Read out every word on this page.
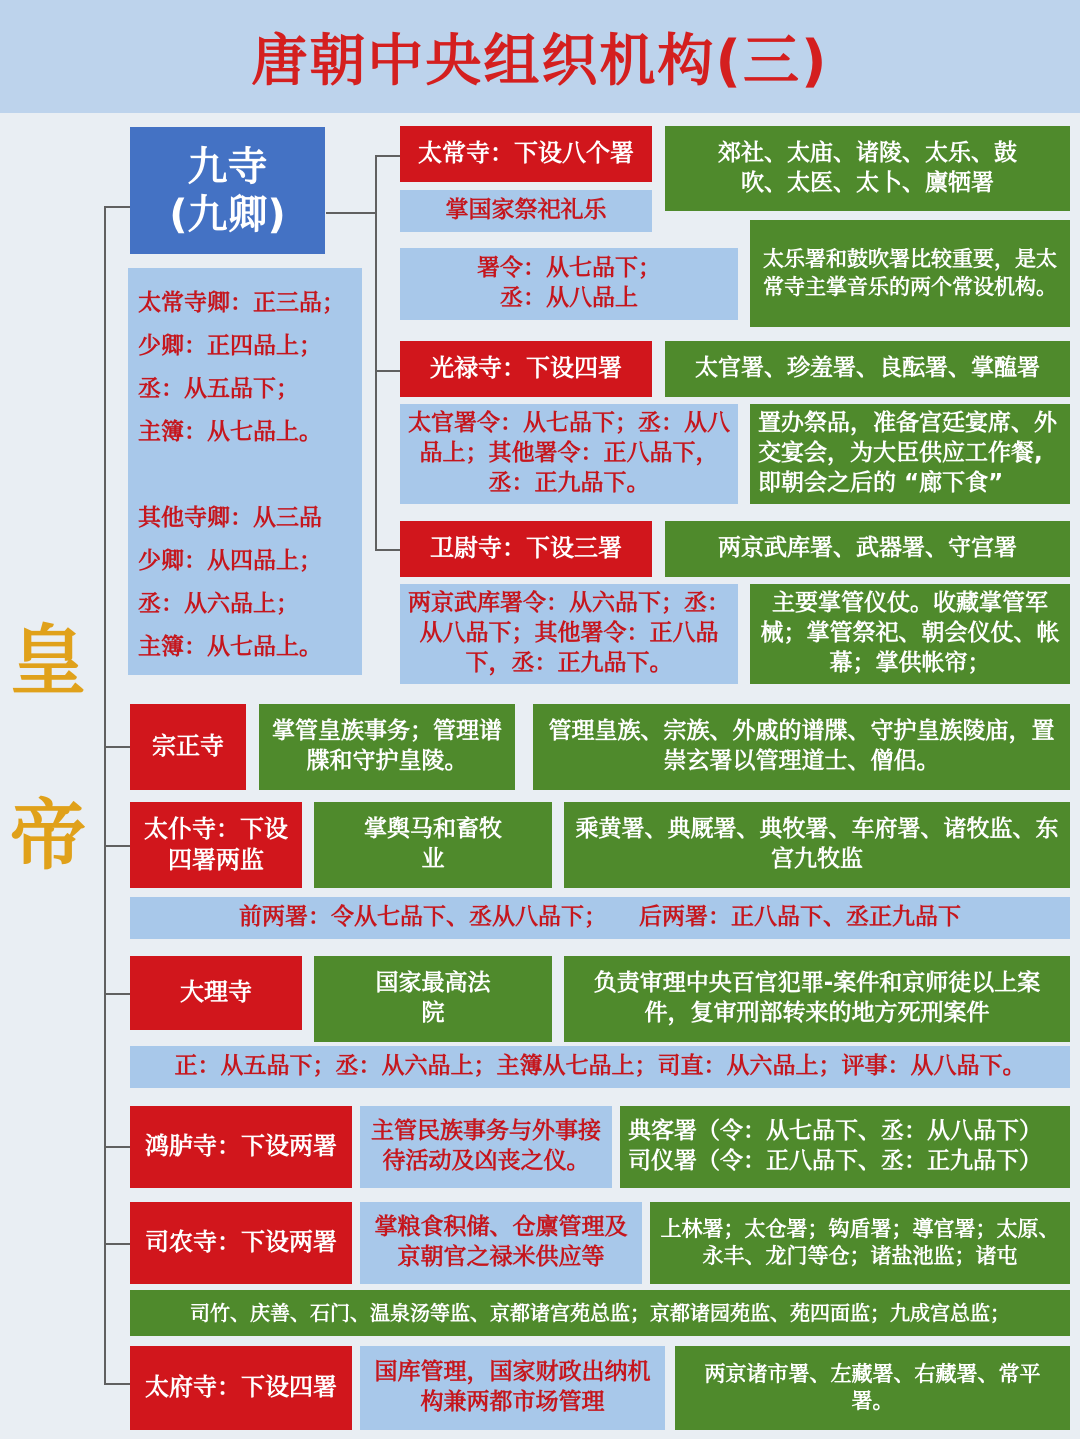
唐朝中央组织机构(三)
皇
帝
九寺
(九卿)
太常寺卿：正三品；
少卿：正四品上；
丞：从五品下；
主簿：从七品上。
其他寺卿：从三品
少卿：从四品上；
丞：从六品上；
主簿：从七品上。
太常寺：下设八个署	郊社、太庙、诸陵、太乐、鼓吹、太医、太卜、廪牺署
掌国家祭祀礼乐
署令：从七品下；丞：从八品上
太乐署和鼓吹署比较重要，是太常寺主掌音乐的两个常设机构。
光禄寺：下设四署	太官署、珍羞署、良酝署、掌醢署
太官署令：从七品下；丞：从八品上；其他署令：正八品下，丞：正九品下。
置办祭品，准备宫廷宴席、外交宴会，为大臣供应工作餐,即朝会之后的 “廊下食”
卫尉寺：下设三署	两京武库署、武器署、守宫署
两京武库署令：从六品下；丞：从八品下；其他署令：正八品下，丞：正九品下。
主要掌管仪仗。收藏掌管军械；掌管祭祀、朝会仪仗、帐幕；掌供帐帘；
宗正寺
掌管皇族事务；管理谱牒和守护皇陵。
管理皇族、宗族、外戚的谱牒、守护皇族陵庙，置崇玄署以管理道士、僧侣。
太仆寺：下设四署两监
掌舆马和畜牧业
乘黄署、典厩署、典牧署、车府署、诸牧监、东宫九牧监
前两署：令从七品下、丞从八品下；    后两署：正八品下、丞正九品下
大理寺	国家最高法院
负责审理中央百官犯罪-案件和京师徒以上案件，复审刑部转来的地方死刑案件
正：从五品下；丞：从六品上；主簿从七品上；司直：从六品上；评事：从八品下。
鸿胪寺：下设两署
主管民族事务与外事接待活动及凶丧之仪。
典客署（令：从七品下、丞：从八品下）
司仪署（令：正八品下、丞：正九品下）
司农寺：下设两署
掌粮食积储、仓廪管理及京朝官之禄米供应等
上林署；太仓署；钩盾署；導官署；太原、永丰、龙门等仓；诸盐池监；诸屯
司竹、庆善、石门、温泉汤等监、京都诸宫苑总监；京都诸园苑监、苑四面监；九成宫总监；
太府寺：下设四署
国库管理，国家财政出纳机构兼两都市场管理
两京诸市署、左藏署、右藏署、常平署。
